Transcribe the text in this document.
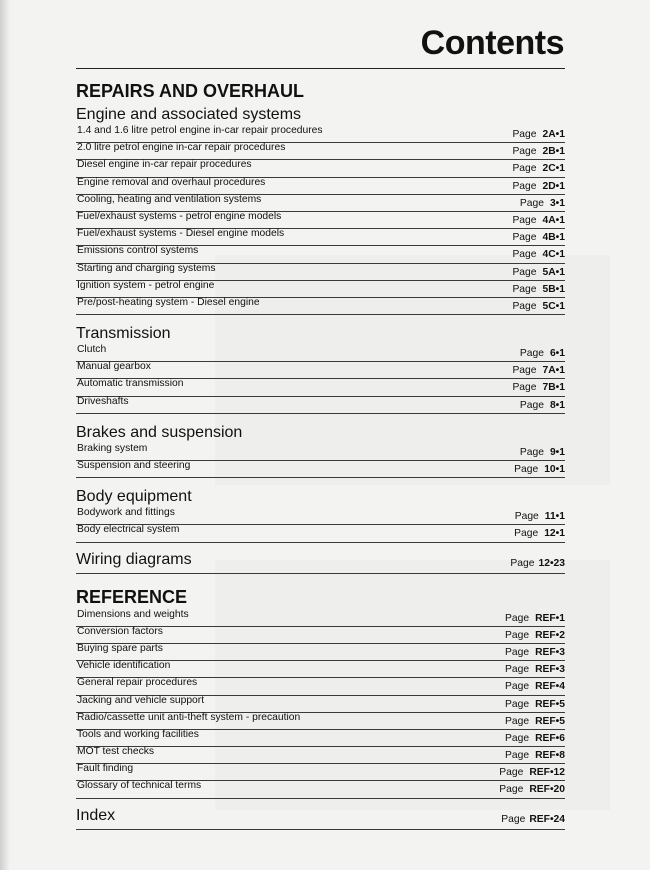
Contents
REPAIRS AND OVERHAUL
Engine and associated systems
1.4 and 1.6 litre petrol engine in-car repair procedures	Page 2A•1
2.0 litre petrol engine in-car repair procedures	Page 2B•1
Diesel engine in-car repair procedures	Page 2C•1
Engine removal and overhaul procedures	Page 2D•1
Cooling, heating and ventilation systems	Page 3•1
Fuel/exhaust systems - petrol engine models	Page 4A•1
Fuel/exhaust systems - Diesel engine models	Page 4B•1
Emissions control systems	Page 4C•1
Starting and charging systems	Page 5A•1
Ignition system - petrol engine	Page 5B•1
Pre/post-heating system - Diesel engine	Page 5C•1
Transmission
Clutch	Page 6•1
Manual gearbox	Page 7A•1
Automatic transmission	Page 7B•1
Driveshafts	Page 8•1
Brakes and suspension
Braking system	Page 9•1
Suspension and steering	Page 10•1
Body equipment
Bodywork and fittings	Page 11•1
Body electrical system	Page 12•1
Wiring diagrams	Page 12•23
REFERENCE
Dimensions and weights	Page REF•1
Conversion factors	Page REF•2
Buying spare parts	Page REF•3
Vehicle identification	Page REF•3
General repair procedures	Page REF•4
Jacking and vehicle support	Page REF•5
Radio/cassette unit anti-theft system - precaution	Page REF•5
Tools and working facilities	Page REF•6
MOT test checks	Page REF•8
Fault finding	Page REF•12
Glossary of technical terms	Page REF•20
Index	Page REF•24
